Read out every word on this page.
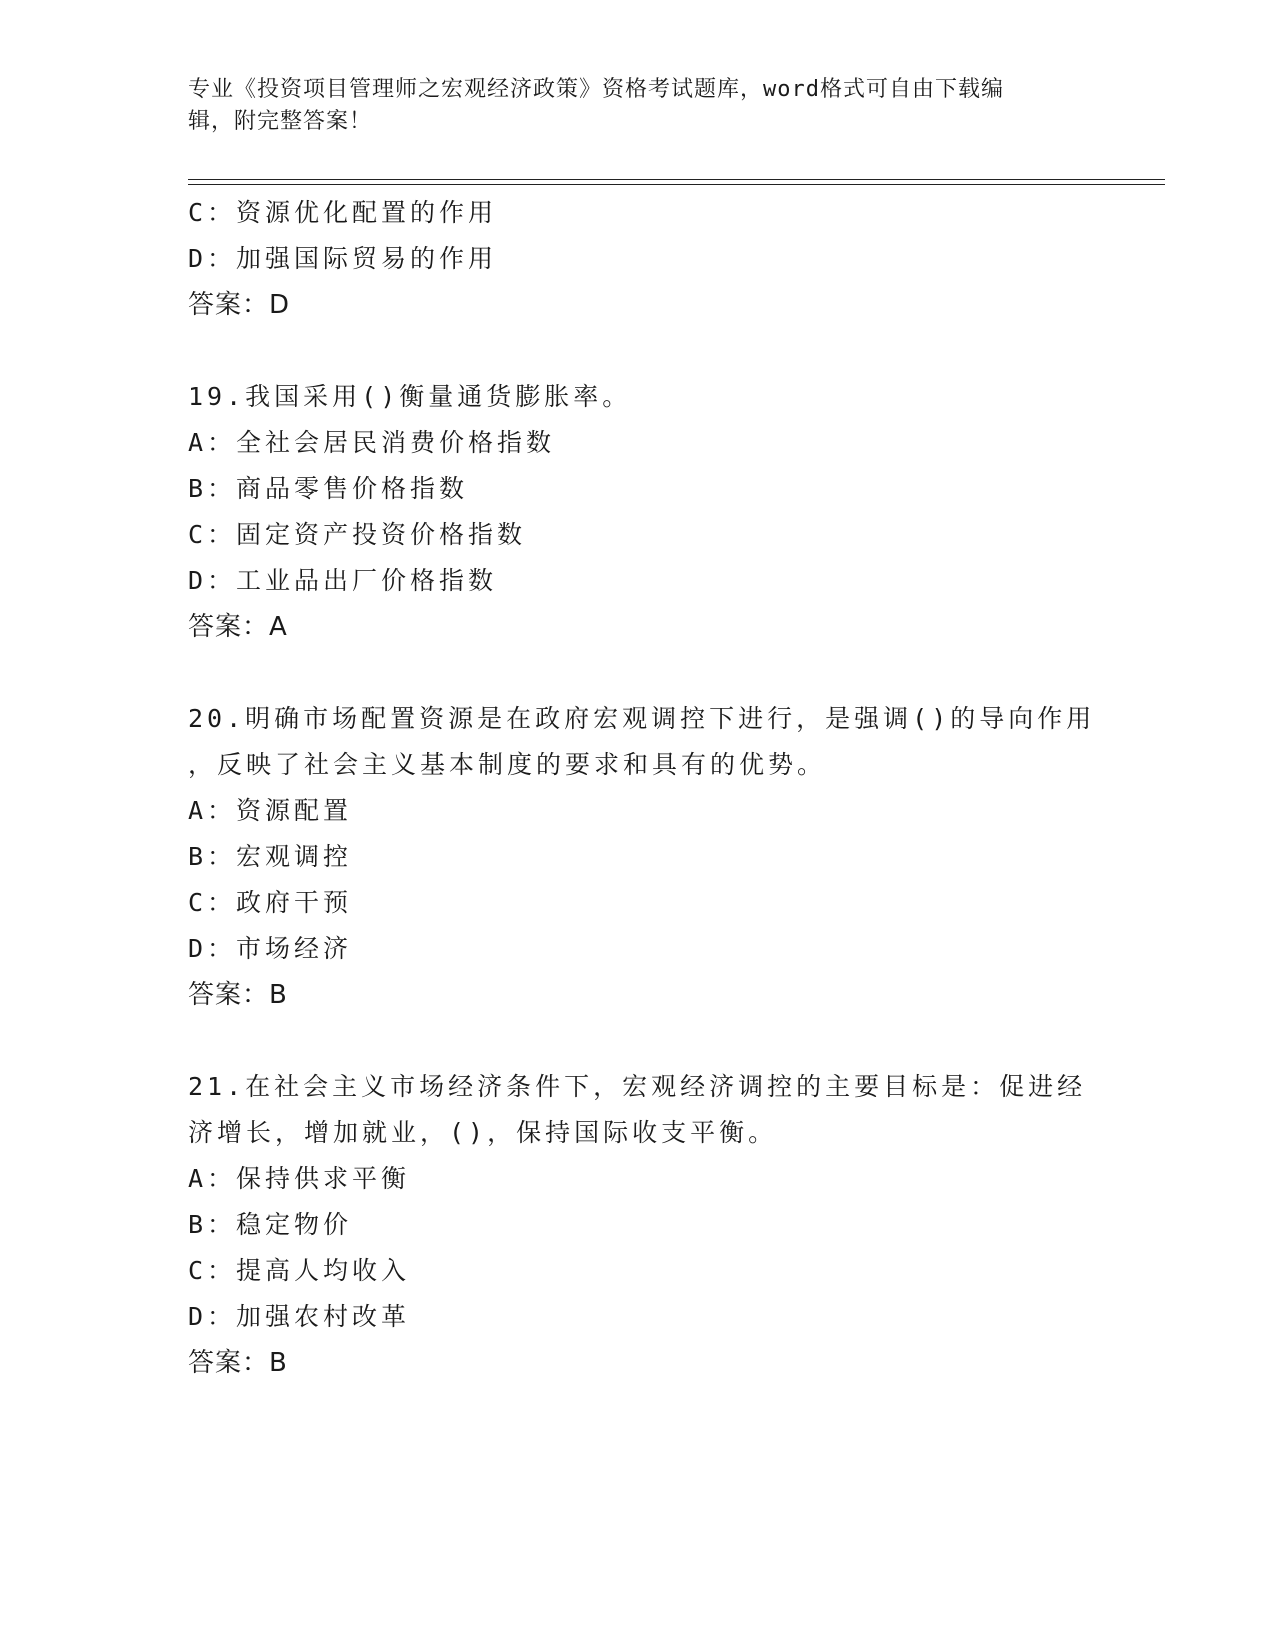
专业《投资项目管理师之宏观经济政策》资格考试题库，word格式可自由下载编
辑，附完整答案！
C：资源优化配置的作用
D：加强国际贸易的作用
答案：D
19.我国采用()衡量通货膨胀率。
A：全社会居民消费价格指数
B：商品零售价格指数
C：固定资产投资价格指数
D：工业品出厂价格指数
答案：A
20.明确市场配置资源是在政府宏观调控下进行，是强调()的导向作用
，反映了社会主义基本制度的要求和具有的优势。
A：资源配置
B：宏观调控
C：政府干预
D：市场经济
答案：B
21.在社会主义市场经济条件下，宏观经济调控的主要目标是：促进经
济增长，增加就业，()，保持国际收支平衡。
A：保持供求平衡
B：稳定物价
C：提高人均收入
D：加强农村改革
答案：B
